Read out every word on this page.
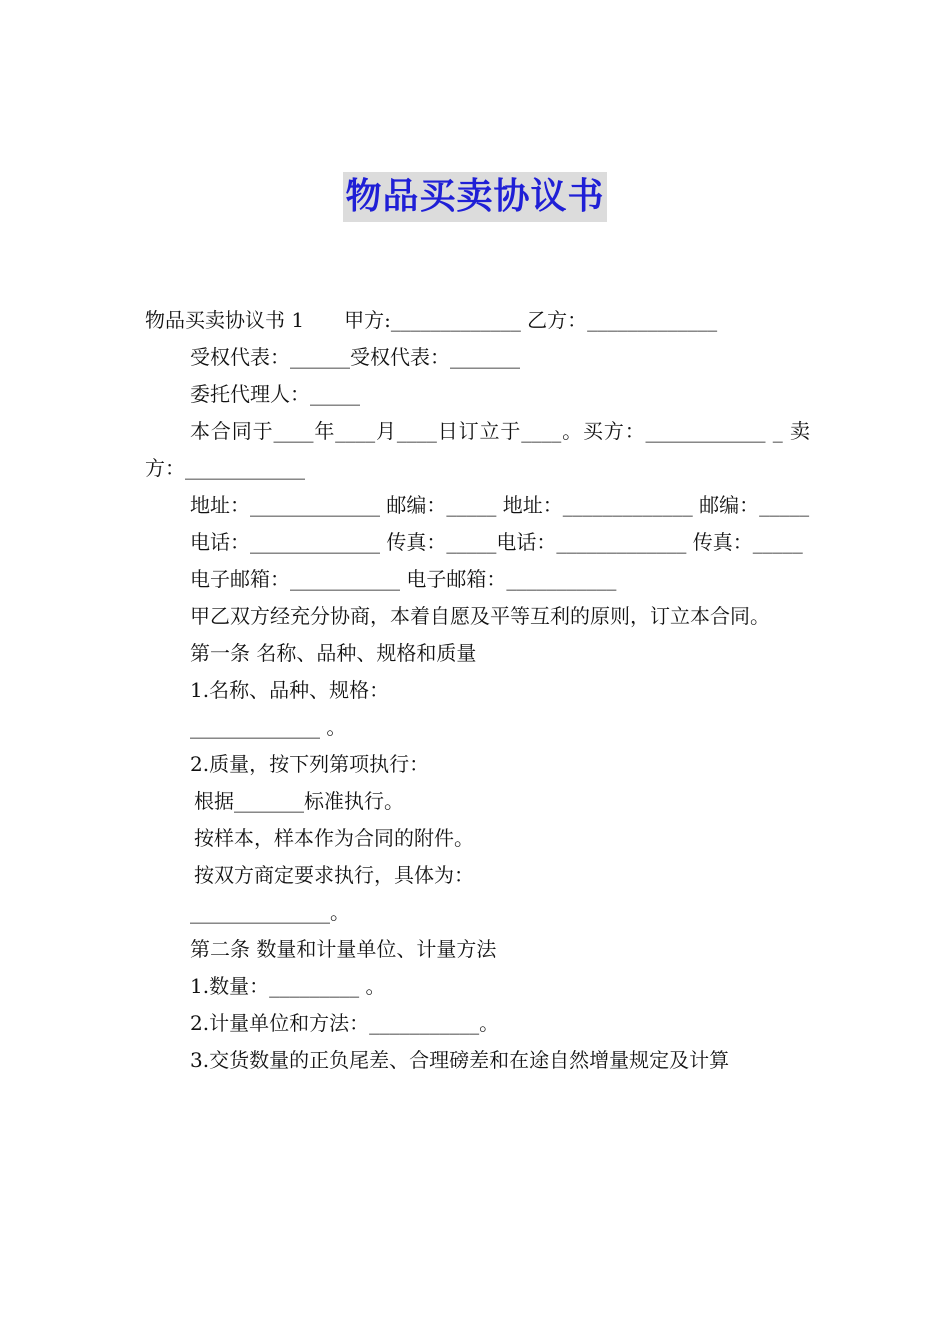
物品买卖协议书

物品买卖协议书 1　　甲方:_____________ 乙方：_____________

受权代表：______受权代表：_______

委托代理人：_____

本合同于____年____月____日订立于____。买方：____________ _ 卖方：____________

地址：_____________ 邮编：_____ 地址：_____________ 邮编：_____

电话：_____________ 传真：_____电话：_____________ 传真：_____

电子邮箱：___________ 电子邮箱：___________

甲乙双方经充分协商，本着自愿及平等互利的原则，订立本合同。

第一条 名称、品种、规格和质量

1.名称、品种、规格：

_____________ 。

2.质量，按下列第项执行：

根据_______标准执行。

按样本，样本作为合同的附件。

按双方商定要求执行，具体为：

______________。

第二条 数量和计量单位、计量方法

1.数量：_________ 。

2.计量单位和方法：___________。

3.交货数量的正负尾差、合理磅差和在途自然增量规定及计算
